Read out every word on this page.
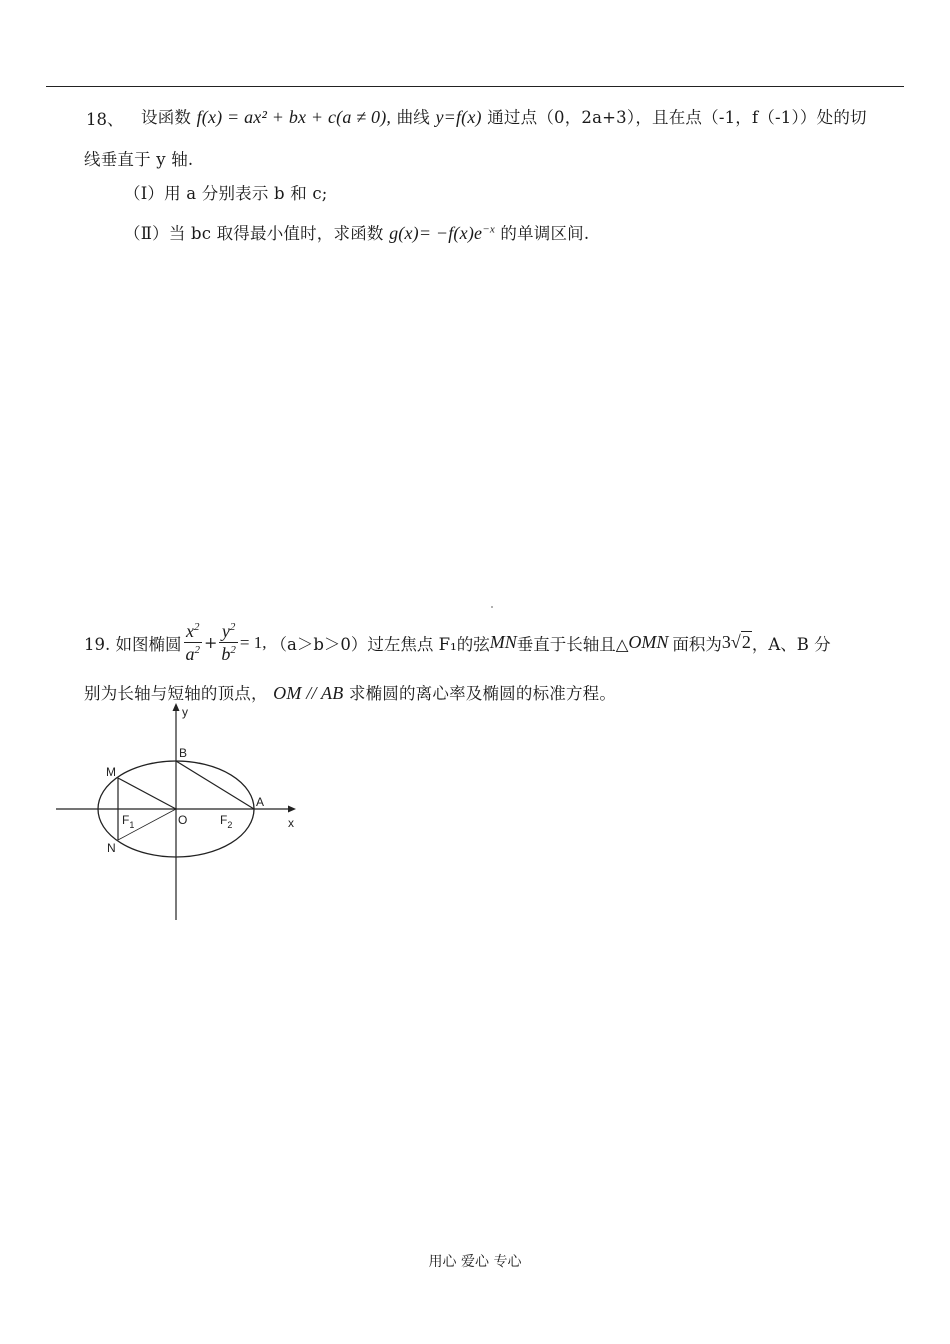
18、 设函数 f(x) = ax² + bx + c(a ≠ 0), 曲线 y=f(x) 通过点（0，2a+3），且在点（-1，f（-1））处的切
线垂直于 y 轴.
（Ⅰ）用 a 分别表示 b 和 c;
（Ⅱ）当 bc 取得最小值时，求函数 $g(x)= -f(x)e^{-x}$ 的单调区间.
19. 如图椭圆 $\frac{x^2}{a^2} + \frac{y^2}{b^2} = 1$, （a＞b＞0）过左焦点 F₁的弦 MN 垂直于长轴且△ OMN 面积为 3√2 ，A、B 分
别为长轴与短轴的顶点， OM // AB 求椭圆的离心率及椭圆的标准方程。
y
x
B
M
A
$F_1$	O	$F_2$
N
用心 爱心 专心
